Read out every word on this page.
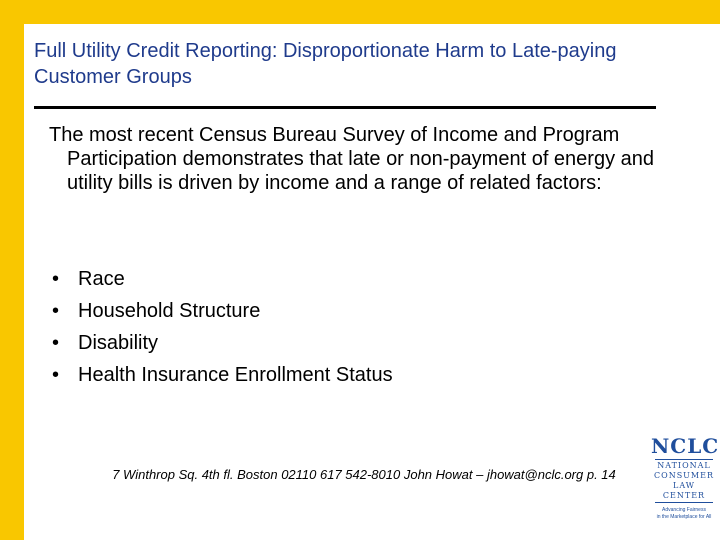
Full Utility Credit Reporting: Disproportionate Harm to Late-paying Customer Groups
The most recent Census Bureau Survey of Income and Program Participation demonstrates that late or non-payment of energy and utility bills is driven by income and a range of related factors:
• Race
• Household Structure
• Disability
• Health Insurance Enrollment Status
7 Winthrop Sq. 4th fl. Boston 02110 617 542-8010 John Howat – jhowat@nclc.org p. 14
NCLC
NATIONAL
CONSUMER
LAW
CENTER
Advancing Fairness
in the Marketplace for All
